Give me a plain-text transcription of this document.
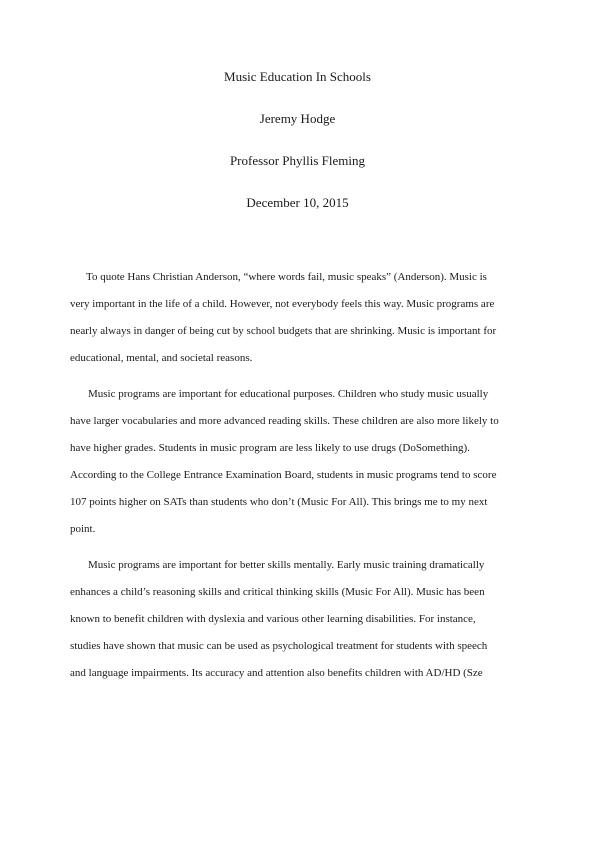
Music Education In Schools
Jeremy Hodge
Professor Phyllis Fleming
December 10, 2015
To quote Hans Christian Anderson, “where words fail, music speaks” (Anderson). Music is
very important in the life of a child. However, not everybody feels this way. Music programs are
nearly always in danger of being cut by school budgets that are shrinking. Music is important for
educational, mental, and societal reasons.
Music programs are important for educational purposes. Children who study music usually
have larger vocabularies and more advanced reading skills. These children are also more likely to
have higher grades. Students in music program are less likely to use drugs (DoSomething).
According to the College Entrance Examination Board, students in music programs tend to score
107 points higher on SATs than students who don’t (Music For All). This brings me to my next
point.
Music programs are important for better skills mentally. Early music training dramatically
enhances a child’s reasoning skills and critical thinking skills (Music For All). Music has been
known to benefit children with dyslexia and various other learning disabilities. For instance,
studies have shown that music can be used as psychological treatment for students with speech
and language impairments. Its accuracy and attention also benefits children with AD/HD (Sze
